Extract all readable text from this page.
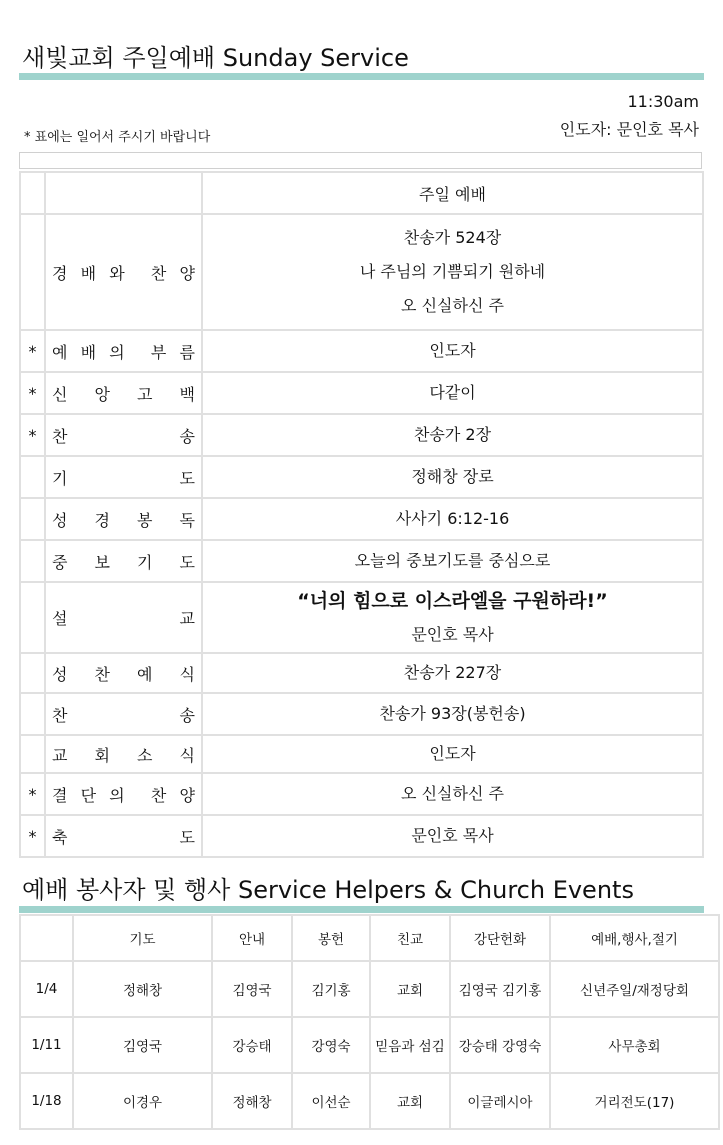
새빛교회 주일예배 Sunday Service
11:30am
인도자: 문인호 목사
* 표에는 일어서 주시기 바랍니다
		주일 예배

	경 배 와 찬 양	찬송가 524장
나 주님의 기쁨되기 원하네
오 신실하신 주

*	예 배 의 부 름	인도자

*	신 앙 고 백	다같이

*	찬 송	찬송가 2장

	기 도	정해창 장로

	성 경 봉 독	사사기 6:12-16

	중 보 기 도	오늘의 중보기도를 중심으로

	설 교	“너의 힘으로 이스라엘을 구원하라!”
문인호 목사

	성 찬 예 식	찬송가 227장

	찬 송	찬송가 93장(봉헌송)

	교 회 소 식	인도자

*	결 단 의 찬 양	오 신실하신 주

*	축 도	문인호 목사
예배 봉사자 및 행사 Service Helpers & Church Events
	기도	안내	봉헌	친교	강단헌화	예배,행사,절기
1/4	정해창	김영국	김기홍	교회	김영국 김기홍	신년주일/재정당회
1/11	김영국	강승태	강영숙	믿음과 섬김	강승태 강영숙	사무총회
1/18	이경우	정해창	이선순	교회	이글레시아	거리전도(17)
